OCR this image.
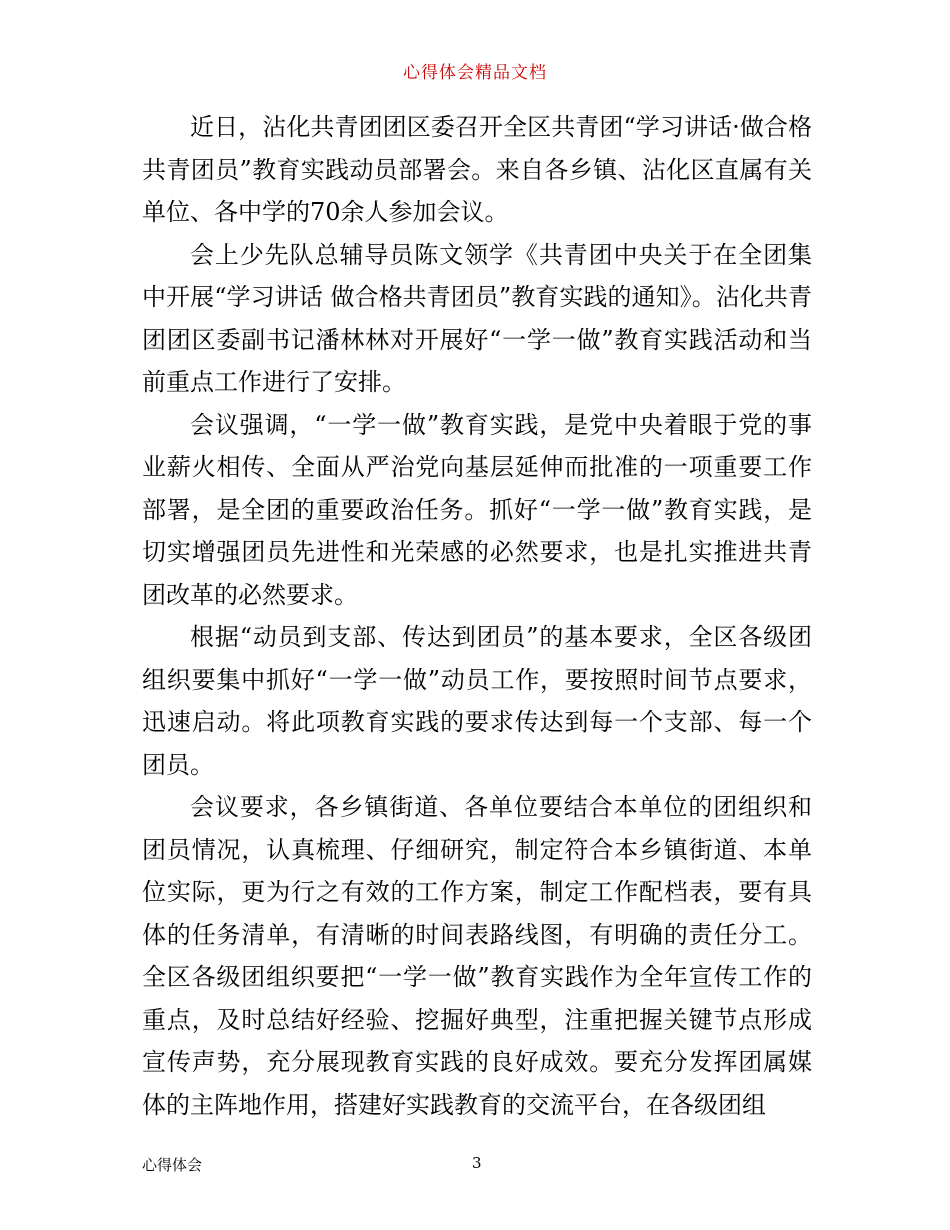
心得体会精品文档

近日，沾化共青团团区委召开全区共青团“学习讲话·做合格共青团员”教育实践动员部署会。来自各乡镇、沾化区直属有关单位、各中学的70余人参加会议。

会上少先队总辅导员陈文领学《共青团中央关于在全团集中开展“学习讲话 做合格共青团员”教育实践的通知》。沾化共青团团区委副书记潘林林对开展好“一学一做”教育实践活动和当前重点工作进行了安排。

会议强调，“一学一做”教育实践，是党中央着眼于党的事业薪火相传、全面从严治党向基层延伸而批准的一项重要工作部署，是全团的重要政治任务。抓好“一学一做”教育实践，是切实增强团员先进性和光荣感的必然要求，也是扎实推进共青团改革的必然要求。

根据“动员到支部、传达到团员”的基本要求，全区各级团组织要集中抓好“一学一做”动员工作，要按照时间节点要求，迅速启动。将此项教育实践的要求传达到每一个支部、每一个团员。

会议要求，各乡镇街道、各单位要结合本单位的团组织和团员情况，认真梳理、仔细研究，制定符合本乡镇街道、本单位实际，更为行之有效的工作方案，制定工作配档表，要有具体的任务清单，有清晰的时间表路线图，有明确的责任分工。全区各级团组织要把“一学一做”教育实践作为全年宣传工作的重点，及时总结好经验、挖掘好典型，注重把握关键节点形成宣传声势，充分展现教育实践的良好成效。要充分发挥团属媒体的主阵地作用，搭建好实践教育的交流平台，在各级团组

心得体会	3
